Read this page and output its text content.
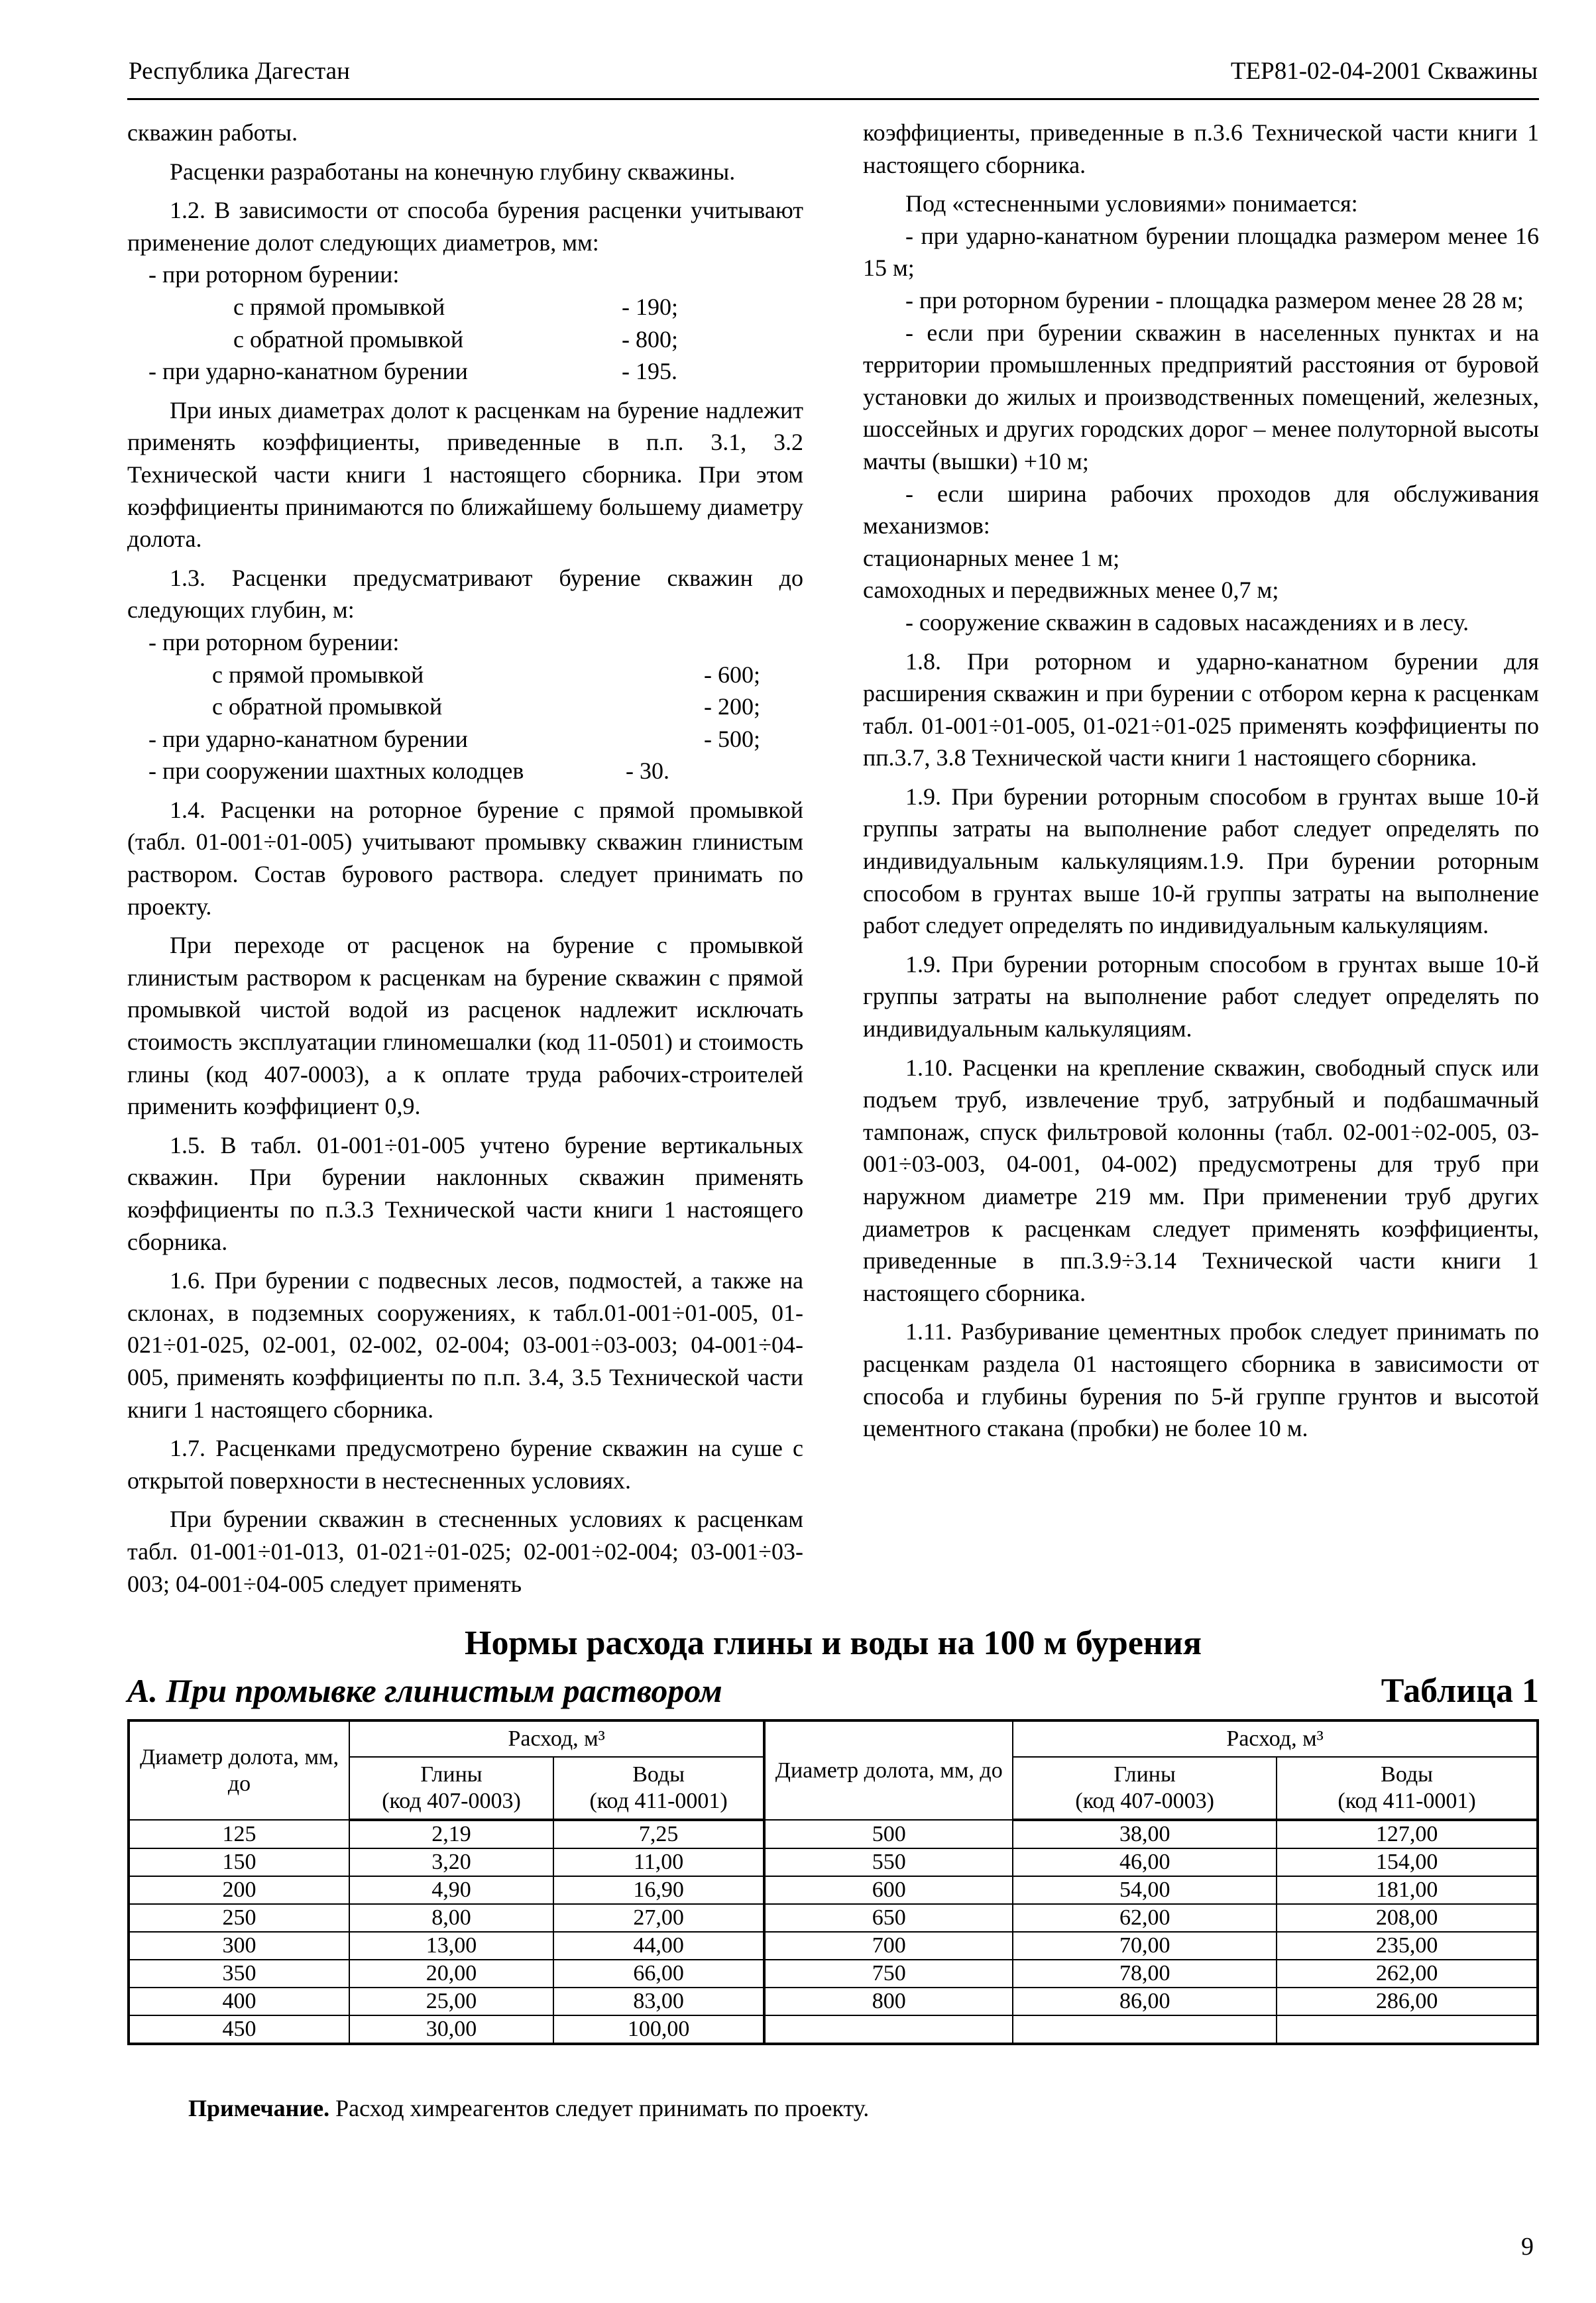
Республика Дагестан	ТЕР81-02-04-2001 Скважины

скважин работы.

Расценки разработаны на конечную глубину скважины.

1.2. В зависимости от способа бурения расценки учитывают применение долот следующих диаметров, мм:

- при роторном бурении:
с прямой промывкой	- 190;
с обратной промывкой	- 800;
- при ударно-канатном бурении	- 195.

При иных диаметрах долот к расценкам на бурение надлежит применять коэффициенты, приведенные в п.п. 3.1, 3.2 Технической части книги 1 настоящего сборника. При этом коэффициенты принимаются по ближайшему большему диаметру долота.

1.3. Расценки предусматривают бурение скважин до следующих глубин, м:

- при роторном бурении:
с прямой промывкой	- 600;
с обратной промывкой	- 200;
- при ударно-канатном бурении	- 500;
- при сооружении шахтных колодцев	- 30.

1.4. Расценки на роторное бурение с прямой промывкой (табл. 01-001÷01-005) учитывают промывку скважин глинистым раствором. Состав бурового раствора. следует принимать по проекту.

При переходе от расценок на бурение с промывкой глинистым раствором к расценкам на бурение скважин с прямой промывкой чистой водой из расценок надлежит исключать стоимость эксплуатации глиномешалки (код 11-0501) и стоимость глины (код 407-0003), а к оплате труда рабочих-строителей применить коэффициент 0,9.

1.5. В табл. 01-001÷01-005 учтено бурение вертикальных скважин. При бурении наклонных скважин применять коэффициенты по п.3.3 Технической части книги 1 настоящего сборника.

1.6. При бурении с подвесных лесов, подмостей, а также на склонах, в подземных сооружениях, к табл.01-001÷01-005, 01-021÷01-025, 02-001, 02-002, 02-004; 03-001÷03-003; 04-001÷04-005, применять коэффициенты по п.п. 3.4, 3.5 Технической части книги 1 настоящего сборника.

1.7. Расценками предусмотрено бурение скважин на суше с открытой поверхности в нестесненных условиях.

При бурении скважин в стесненных условиях к расценкам табл. 01-001÷01-013, 01-021÷01-025; 02-001÷02-004; 03-001÷03-003; 04-001÷04-005 следует применять

коэффициенты, приведенные в п.3.6 Технической части книги 1 настоящего сборника.

Под «стесненными условиями» понимается:

- при ударно-канатном бурении площадка размером менее 16 15 м;

- при роторном бурении - площадка размером менее 28 28 м;

- если при бурении скважин в населенных пунктах и на территории промышленных предприятий расстояния от буровой установки до жилых и производственных помещений, железных, шоссейных и других городских дорог – менее полуторной высоты мачты (вышки) +10 м;

- если ширина рабочих проходов для обслуживания механизмов:

стационарных менее 1 м;

самоходных и передвижных менее 0,7 м;

- сооружение скважин в садовых насаждениях и в лесу.

1.8. При роторном и ударно-канатном бурении для расширения скважин и при бурении с отбором керна к расценкам табл. 01-001÷01-005, 01-021÷01-025 применять коэффициенты по пп.3.7, 3.8 Технической части книги 1 настоящего сборника.

1.9. При бурении роторным способом в грунтах выше 10-й группы затраты на выполнение работ следует определять по индивидуальным калькуляциям.1.9. При бурении роторным способом в грунтах выше 10-й группы затраты на выполнение работ следует определять по индивидуальным калькуляциям.

1.9. При бурении роторным способом в грунтах выше 10-й группы затраты на выполнение работ следует определять по индивидуальным калькуляциям.

1.10. Расценки на крепление скважин, свободный спуск или подъем труб, извлечение труб, затрубный и подбашмачный тампонаж, спуск фильтровой колонны (табл. 02-001÷02-005, 03-001÷03-003, 04-001, 04-002) предусмотрены для труб при наружном диаметре 219 мм. При применении труб других диаметров к расценкам следует применять коэффициенты, приведенные в пп.3.9÷3.14 Технической части книги 1 настоящего сборника.

1.11. Разбуривание цементных пробок следует принимать по расценкам раздела 01 настоящего сборника в зависимости от способа и глубины бурения по 5-й группе грунтов и высотой цементного стакана (пробки) не более 10 м.

Нормы расхода глины и воды на 100 м бурения
А. При промывке глинистым раствором	Таблица 1
Диаметр долота, мм, до	Расход, м³		Диаметр долота, мм, до	Расход, м³	
	Глины
(код 407-0003)	Воды
(код 411-0001)		Глины
(код 407-0003)	Воды
(код 411-0001)
125	2,19	7,25	500	38,00	127,00
150	3,20	11,00	550	46,00	154,00
200	4,90	16,90	600	54,00	181,00
250	8,00	27,00	650	62,00	208,00
300	13,00	44,00	700	70,00	235,00
350	20,00	66,00	750	78,00	262,00
400	25,00	83,00	800	86,00	286,00
450	30,00	100,00			
Примечание. Расход химреагентов следует принимать по проекту.
9
